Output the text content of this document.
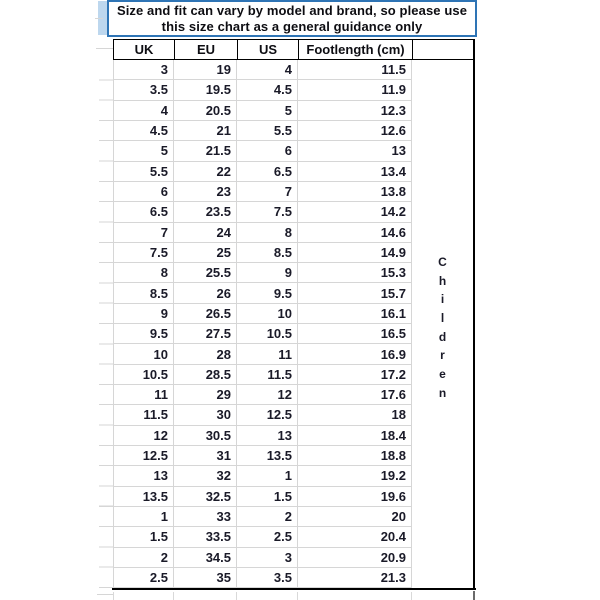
Size and fit can vary by model and brand, so please use
this size chart as a general guidance only
UK	EU	US	Footlength (cm)
3	19	4	11.5
3.5	19.5	4.5	11.9
4	20.5	5	12.3
4.5	21	5.5	12.6
5	21.5	6	13
5.5	22	6.5	13.4
6	23	7	13.8
6.5	23.5	7.5	14.2
7	24	8	14.6
7.5	25	8.5	14.9
8	25.5	9	15.3
8.5	26	9.5	15.7
9	26.5	10	16.1
9.5	27.5	10.5	16.5
10	28	11	16.9
10.5	28.5	11.5	17.2
11	29	12	17.6
11.5	30	12.5	18
12	30.5	13	18.4
12.5	31	13.5	18.8
13	32	1	19.2
13.5	32.5	1.5	19.6
1	33	2	20
1.5	33.5	2.5	20.4
2	34.5	3	20.9
2.5	35	3.5	21.3
C
h
i
l
d
r
e
n
